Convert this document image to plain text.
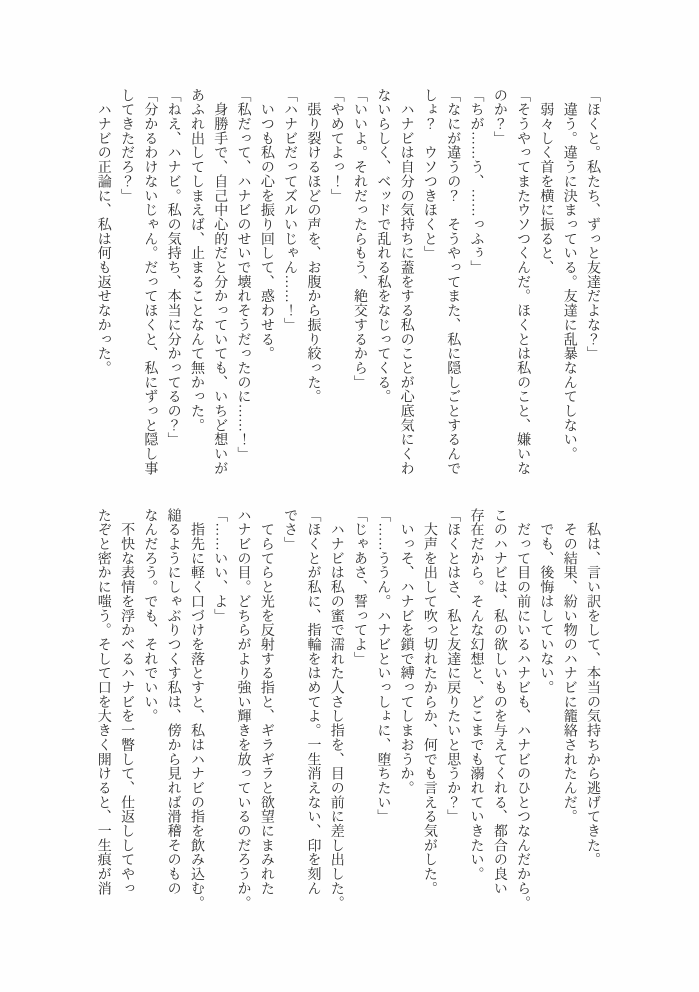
「ほくと。私たち、ずっと友達だよな？」
　違う。違うに決まっている。友達に乱暴なんてしない。
　弱々しく首を横に振ると、
「そうやってまたウソつくんだ。ほくとは私のこと、嫌いな
のか？」
「ちが……う、……っふぅ」
「なにが違うの？　そうやってまた、私に隠しごとするんで
しょ？　ウソつきほくと」
　ハナビは自分の気持ちに蓋をする私のことが心底気にくわ
ないらしく、ベッドで乱れる私をなじってくる。
「いいよ。それだったらもう、絶交するから」
「やめてよっ！」
　張り裂けるほどの声を、お腹から振り絞った。
「ハナビだってズルいじゃん……！」
　いつも私の心を振り回して、惑わせる。
「私だって、ハナビのせいで壊れそうだったのに……！」
　身勝手で、自己中心的だと分かっていても、いちど想いが
あふれ出してしまえば、止まることなんて無かった。
「ねえ、ハナビ。私の気持ち、本当に分かってるの？」
「分かるわけないじゃん。だってほくと、私にずっと隠し事
してきただろ？」
　ハナビの正論に、私は何も返せなかった。
　私は、言い訳をして、本当の気持ちから逃げてきた。
　その結果、紛い物のハナビに籠絡されたんだ。
　でも、後悔はしていない。
　だって目の前にいるハナビも、ハナビのひとつなんだから。
このハナビは、私の欲しいものを与えてくれる、都合の良い
存在だから。そんな幻想と、どこまでも溺れていきたい。
「ほくとはさ、私と友達に戻りたいと思うか？」
　大声を出して吹っ切れたからか、何でも言える気がした。
　いっそ、ハナビを鎖で縛ってしまおうか。
「……ううん。ハナビといっしょに、堕ちたい」
「じゃあさ、誓ってよ」
　ハナビは私の蜜で濡れた人さし指を、目の前に差し出した。
「ほくとが私に、指輪をはめてよ。一生消えない、印を刻ん
でさ」
　てらてらと光を反射する指と、ギラギラと欲望にまみれた
ハナビの目。どちらがより強い輝きを放っているのだろうか。
「……いい、よ」
　指先に軽く口づけを落とすと、私はハナビの指を飲み込む。
縋るようにしゃぶりつくす私は、傍から見れば滑稽そのもの
なんだろう。でも、それでいい。
　不快な表情を浮かべるハナビを一瞥して、仕返ししてやっ
たぞと密かに嗤う。そして口を大きく開けると、一生痕が消
